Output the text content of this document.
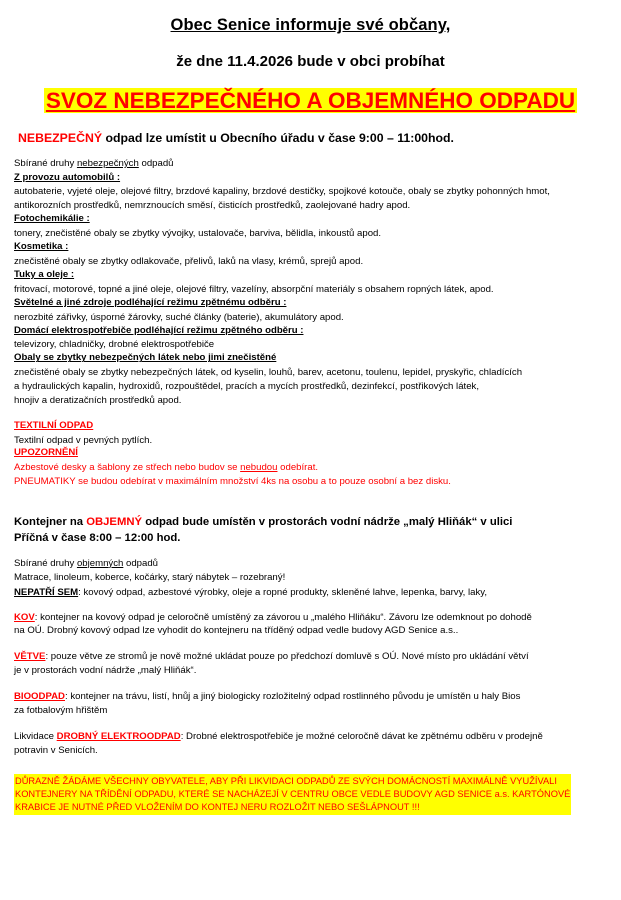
Obec Senice informuje své občany,
že dne 11.4.2026 bude v obci probíhat
SVOZ NEBEZPEČNÉHO A OBJEMNÉHO ODPADU
NEBEZPEČNÝ odpad lze umístit u Obecního úřadu v čase 9:00 – 11:00hod.

Sbírané druhy nebezpečných odpadů

Z provozu automobilů :

autobaterie, vyjeté oleje, olejové filtry, brzdové kapaliny, brzdové destičky, spojkové kotouče, obaly se zbytky pohonných hmot,

antikorozních prostředků, nemrznoucích směsí, čisticích prostředků, zaolejované hadry apod.

Fotochemikálie :

tonery, znečistěné obaly se zbytky vývojky, ustalovače, barviva, bělidla, inkoustů apod.

Kosmetika :

znečistěné obaly se zbytky odlakovače, přelivů, laků na vlasy, krémů, sprejů apod.

Tuky a oleje :

fritovací, motorové, topné a jiné oleje, olejové filtry, vazelíny, absorpční materiály s obsahem ropných látek, apod.

Světelné a jiné zdroje podléhající režimu zpětnému odběru :

nerozbité zářivky, úsporné žárovky, suché články (baterie), akumulátory apod.

Domácí elektrospotřebiče podléhající režimu zpětného odběru :

televizory, chladničky, drobné elektrospotřebiče

Obaly se zbytky nebezpečných látek nebo jimi znečistěné

znečistěné obaly se zbytky nebezpečných látek, od kyselin, louhů, barev, acetonu, toulenu, lepidel, pryskyřic, chladících

a hydraulických kapalin, hydroxidů, rozpouštědel, pracích a mycích prostředků, dezinfekcí, postřikových látek,

hnojiv a deratizačních prostředků apod.

TEXTILNÍ ODPAD

Textilní odpad v pevných pytlích.

UPOZORNĚNÍ

Azbestové desky a šablony ze střech nebo budov se nebudou odebírat.

PNEUMATIKY se budou odebírat v maximálním množství 4ks na osobu a to pouze osobní a bez disku.

Kontejner na OBJEMNÝ odpad bude umístěn v prostorách vodní nádrže „malý Hliňák“ v ulici

Příčná v čase 8:00 – 12:00 hod.

Sbírané druhy objemných odpadů

Matrace, linoleum, koberce, kočárky, starý nábytek – rozebraný!

NEPATŘÍ SEM: kovový odpad, azbestové výrobky, oleje a ropné produkty, skleněné lahve, lepenka, barvy, laky,

KOV: kontejner na kovový odpad je celoročně umístěný za závorou u „malého Hliňáku“. Závoru lze odemknout po dohodě
na OÚ. Drobný kovový odpad lze vyhodit do kontejneru na tříděný odpad vedle budovy AGD Senice a.s..
VĚTVE: pouze větve ze stromů je nově možné ukládat pouze po předchozí domluvě s OÚ. Nové místo pro ukládání větví
je v prostorách vodní nádrže „malý Hliňák“.
BIOODPAD: kontejner na trávu, listí, hnůj a jiný biologicky rozložitelný odpad rostlinného původu je umístěn u haly Bios
za fotbalovým hřištěm
Likvidace DROBNÝ ELEKTROODPAD: Drobné elektrospotřebiče je možné celoročně dávat ke zpětnému odběru v prodejně
potravin v Senicích.
DŮRAZNĚ ŽÁDÁME VŠECHNY OBYVATELE, ABY PŘI LIKVIDACI ODPADŮ ZE SVÝCH DOMÁCNOSTÍ MAXIMÁLNĚ VYUŽÍVALI
KONTEJNERY NA TŘÍDĚNÍ ODPADU, KTERÉ SE NACHÁZEJÍ V CENTRU OBCE VEDLE BUDOVY AGD SENICE a.s. KARTÓNOVÉ
KRABICE JE NUTNÉ PŘED VLOŽENÍM DO KONTEJ NERU ROZLOŽIT NEBO SEŠLÁPNOUT !!!
